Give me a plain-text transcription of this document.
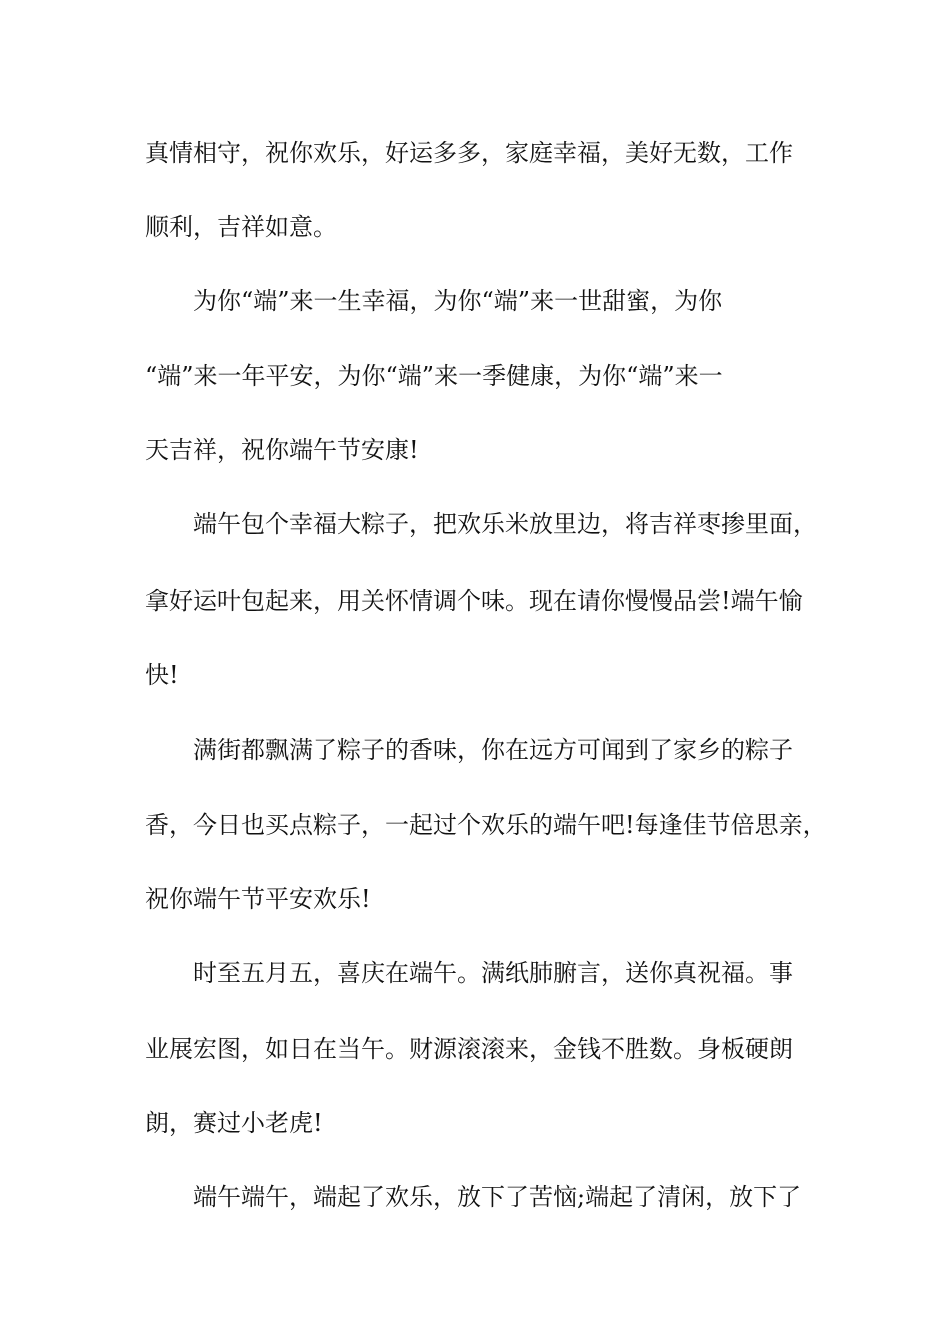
真情相守，祝你欢乐，好运多多，家庭幸福，美好无数，工作
顺利，吉祥如意。
为你“端”来一生幸福，为你“端”来一世甜蜜，为你
“端”来一年平安，为你“端”来一季健康，为你“端”来一
天吉祥，祝你端午节安康!
端午包个幸福大粽子，把欢乐米放里边，将吉祥枣掺里面，
拿好运叶包起来，用关怀情调个味。现在请你慢慢品尝!端午愉
快!
满街都飘满了粽子的香味，你在远方可闻到了家乡的粽子
香，今日也买点粽子，一起过个欢乐的端午吧!每逢佳节倍思亲，
祝你端午节平安欢乐!
时至五月五，喜庆在端午。满纸肺腑言，送你真祝福。事
业展宏图，如日在当午。财源滚滚来，金钱不胜数。身板硬朗
朗，赛过小老虎!
端午端午，端起了欢乐，放下了苦恼;端起了清闲，放下了
